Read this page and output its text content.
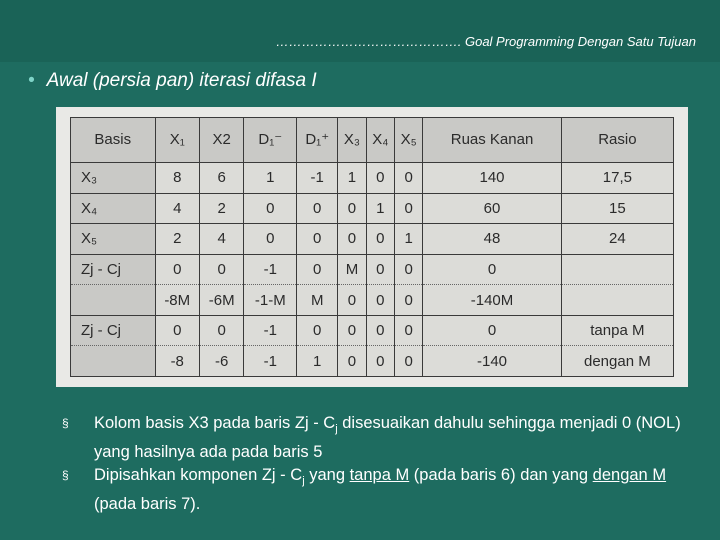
……………………………………. Goal Programming Dengan Satu Tujuan
• Awal (persia pan) iterasi difasa I
Basis	X₁	X2	D₁⁻	D₁⁺	X₃	X₄	X₅	Ruas Kanan	Rasio
X₃	8	6	1	-1	1	0	0	140	17,5
X₄	4	2	0	0	0	1	0	60	15
X₅	2	4	0	0	0	0	1	48	24
Zj - Cj	0	0	-1	0	M	0	0	0	
	-8M	-6M	-1-M	M	0	0	0	-140M	
Zj - Cj	0	0	-1	0	0	0	0	0	tanpa M
	-8	-6	-1	1	0	0	0	-140	dengan M
§ Kolom basis X3 pada baris Zj - $C_j$ disesuaikan dahulu sehingga menjadi 0 (NOL) yang hasilnya ada pada baris 5
§ Dipisahkan komponen Zj - $C_j$ yang tanpa M (pada baris 6) dan yang dengan M (pada baris 7).
